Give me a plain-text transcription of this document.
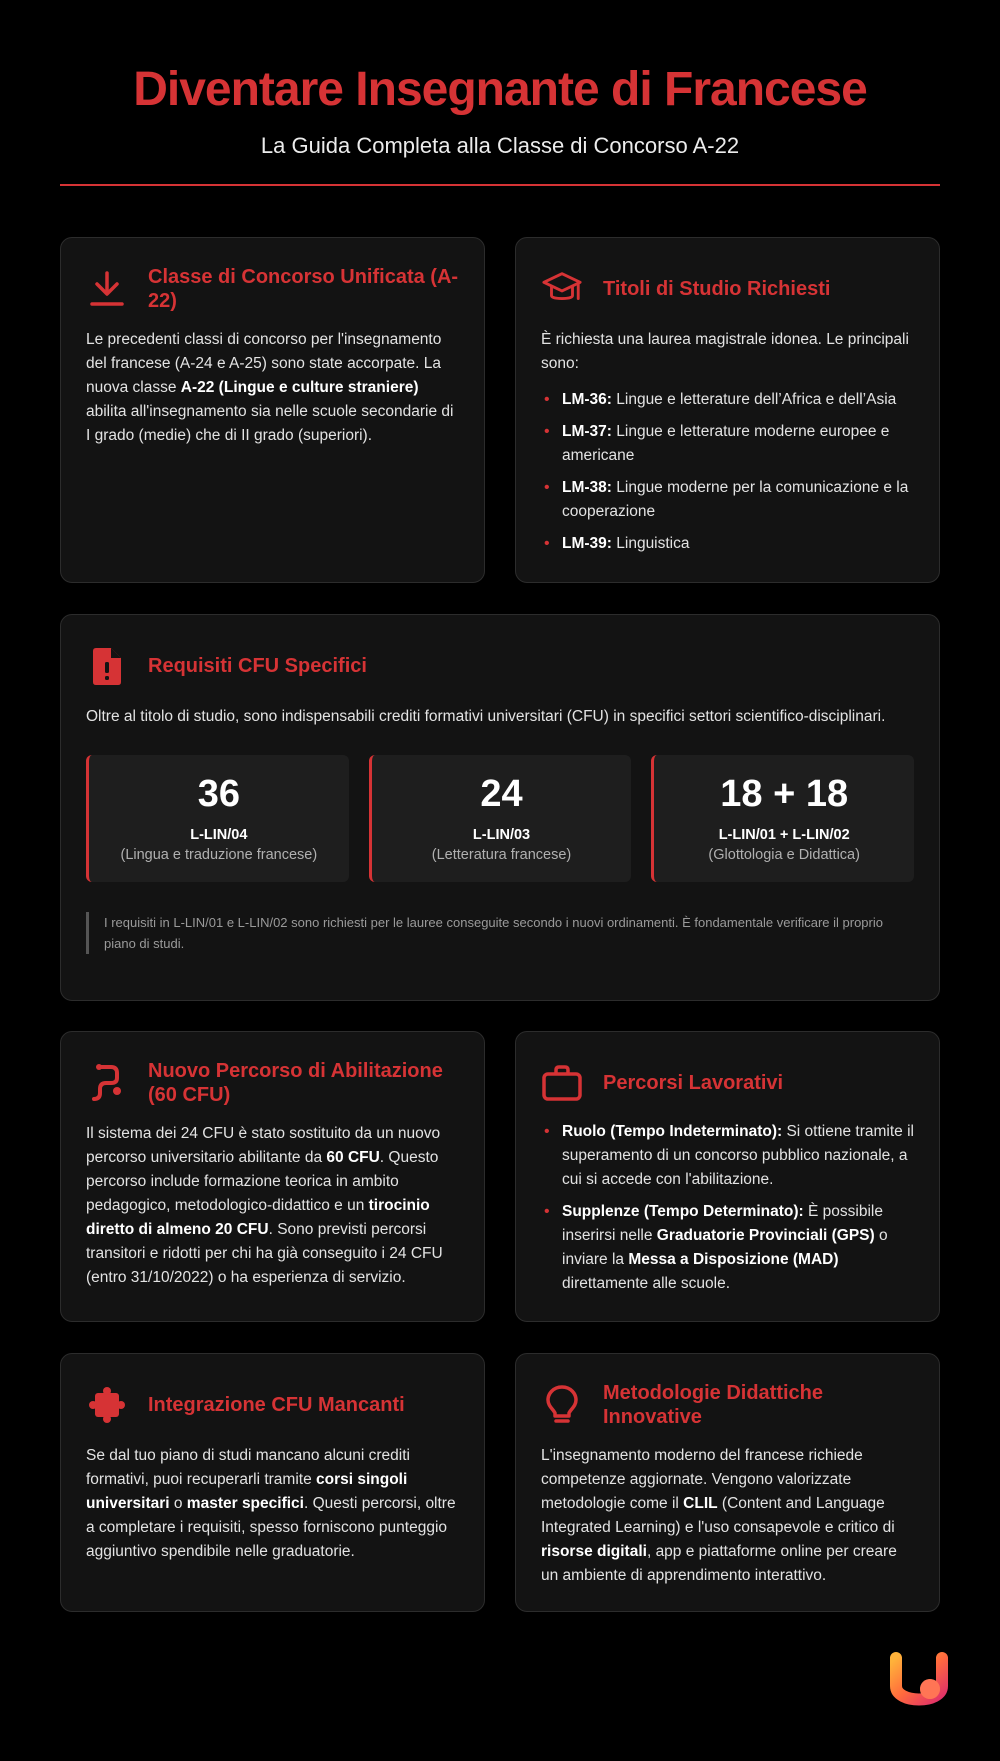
Diventare Insegnante di Francese
La Guida Completa alla Classe di Concorso A-22
Classe di Concorso Unificata (A-22)

Le precedenti classi di concorso per l'insegnamento del francese (A-24 e A-25) sono state accorpate. La nuova classe A-22 (Lingue e culture straniere) abilita all'insegnamento sia nelle scuole secondarie di I grado (medie) che di II grado (superiori).

Titoli di Studio Richiesti

È richiesta una laurea magistrale idonea. Le principali sono:

• LM-36: Lingue e letterature dell’Africa e dell’Asia
• LM-37: Lingue e letterature moderne europee e americane
• LM-38: Lingue moderne per la comunicazione e la cooperazione
• LM-39: Linguistica
Requisiti CFU Specifici

Oltre al titolo di studio, sono indispensabili crediti formativi universitari (CFU) in specifici settori scientifico-disciplinari.

36
L-LIN/04
(Lingua e traduzione francese)
24
L-LIN/03
(Letteratura francese)
18 + 18
L-LIN/01 + L-LIN/02
(Glottologia e Didattica)
I requisiti in L-LIN/01 e L-LIN/02 sono richiesti per le lauree conseguite secondo i nuovi ordinamenti. È fondamentale verificare il proprio piano di studi.
Nuovo Percorso di Abilitazione (60 CFU)

Il sistema dei 24 CFU è stato sostituito da un nuovo percorso universitario abilitante da 60 CFU. Questo percorso include formazione teorica in ambito pedagogico, metodologico-didattico e un tirocinio diretto di almeno 20 CFU. Sono previsti percorsi transitori e ridotti per chi ha già conseguito i 24 CFU (entro 31/10/2022) o ha esperienza di servizio.

Percorsi Lavorativi
• Ruolo (Tempo Indeterminato): Si ottiene tramite il superamento di un concorso pubblico nazionale, a cui si accede con l'abilitazione.
• Supplenze (Tempo Determinato): È possibile inserirsi nelle Graduatorie Provinciali (GPS) o inviare la Messa a Disposizione (MAD) direttamente alle scuole.
Integrazione CFU Mancanti

Se dal tuo piano di studi mancano alcuni crediti formativi, puoi recuperarli tramite corsi singoli universitari o master specifici. Questi percorsi, oltre a completare i requisiti, spesso forniscono punteggio aggiuntivo spendibile nelle graduatorie.

Metodologie Didattiche Innovative

L'insegnamento moderno del francese richiede competenze aggiornate. Vengono valorizzate metodologie come il CLIL (Content and Language Integrated Learning) e l'uso consapevole e critico di risorse digitali, app e piattaforme online per creare un ambiente di apprendimento interattivo.
